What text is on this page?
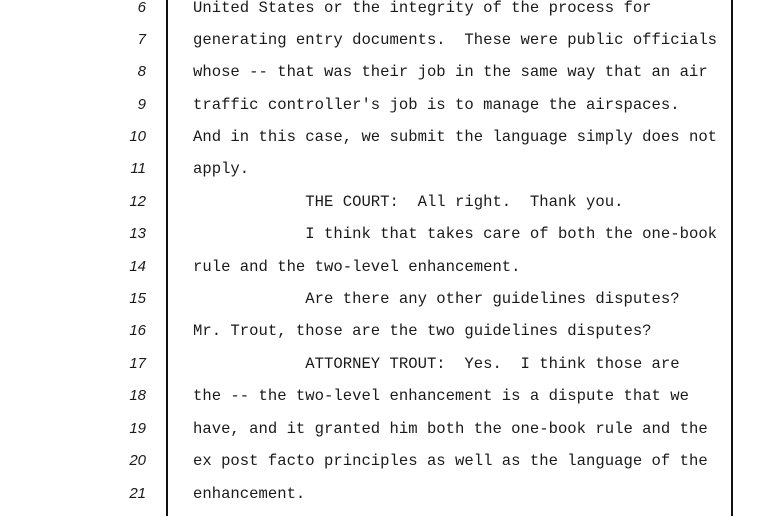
6	United States or the integrity of the process for
7	generating entry documents.  These were public officials
8	whose -- that was their job in the same way that an air
9	traffic controller's job is to manage the airspaces.
10	And in this case, we submit the language simply does not
11	apply.
12	THE COURT:  All right.  Thank you.
13	I think that takes care of both the one-book
14	rule and the two-level enhancement.
15	Are there any other guidelines disputes?
16	Mr. Trout, those are the two guidelines disputes?
17	ATTORNEY TROUT:  Yes.  I think those are
18	the -- the two-level enhancement is a dispute that we
19	have, and it granted him both the one-book rule and the
20	ex post facto principles as well as the language of the
21	enhancement.
